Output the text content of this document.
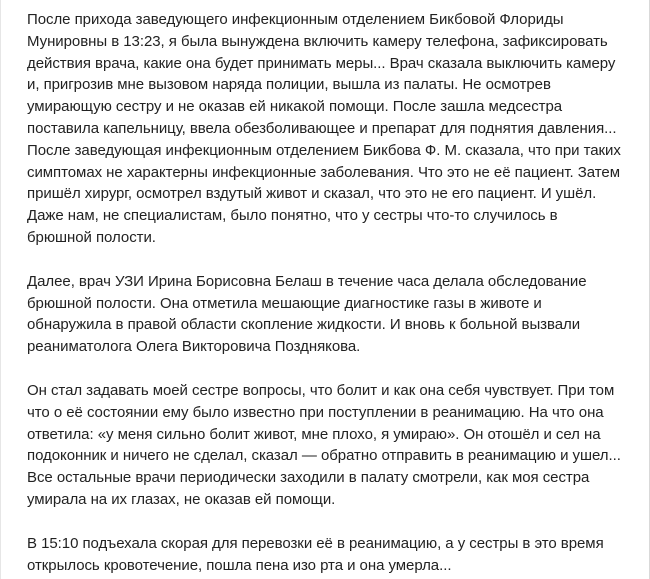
После прихода заведующего инфекционным отделением Бикбовой Флориды
Мунировны в 13:23, я была вынуждена включить камеру телефона, зафиксировать
действия врача, какие она будет принимать меры... Врач сказала выключить камеру
и, пригрозив мне вызовом наряда полиции, вышла из палаты. Не осмотрев
умирающую сестру и не оказав ей никакой помощи. После зашла медсестра
поставила капельницу, ввела обезболивающее и препарат для поднятия давления...
После заведующая инфекционным отделением Бикбова Ф. М. сказала, что при таких
симптомах не характерны инфекционные заболевания. Что это не её пациент. Затем
пришёл хирург, осмотрел вздутый живот и сказал, что это не его пациент. И ушёл.
Даже нам, не специалистам, было понятно, что у сестры что-то случилось в
брюшной полости.

Далее, врач УЗИ Ирина Борисовна Белаш в течение часа делала обследование
брюшной полости. Она отметила мешающие диагностике газы в животе и
обнаружила в правой области скопление жидкости. И вновь к больной вызвали
реаниматолога Олега Викторовича Позднякова.

Он стал задавать моей сестре вопросы, что болит и как она себя чувствует. При том
что о её состоянии ему было известно при поступлении в реанимацию. На что она
ответила: «у меня сильно болит живот, мне плохо, я умираю». Он отошёл и сел на
подоконник и ничего не сделал, сказал — обратно отправить в реанимацию и ушел...
Все остальные врачи периодически заходили в палату смотрели, как моя сестра
умирала на их глазах, не оказав ей помощи.

В 15:10 подъехала скорая для перевозки её в реанимацию, а у сестры в это время
открылось кровотечение, пошла пена изо рта и она умерла...
